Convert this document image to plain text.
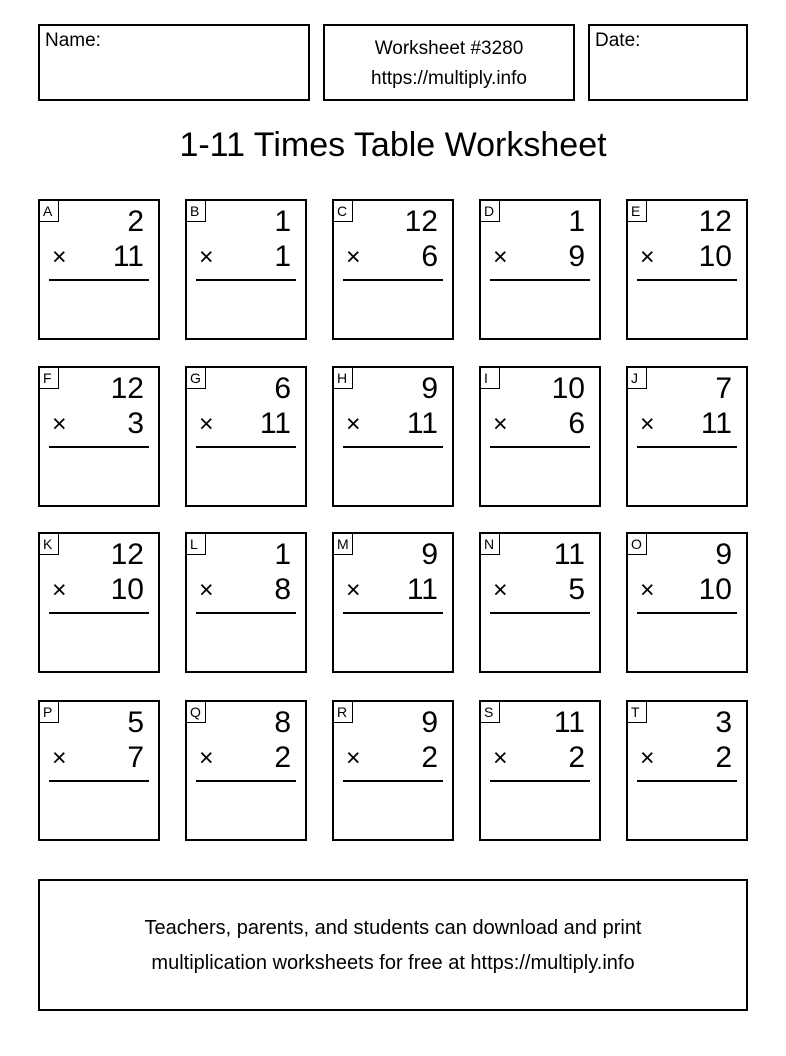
Name:	Worksheet #3280
https://multiply.info
Date:
1-11 Times Table Worksheet
A 2
× 11
B 1
× 1
C 12
× 6
D 1
× 9
E 12
× 10
F 12
× 3
G 6
× 11
H 9
× 11
I	10
× 6
J	7
× 11
K 12
× 10
L	1
× 8
M 9
× 11
N 11
× 5
O 9
× 10
P 5
× 7
Q 8
× 2
R 9
× 2
S 11
× 2
T	3
× 2

Teachers, parents, and students can download and print

multiplication worksheets for free at https://multiply.info
